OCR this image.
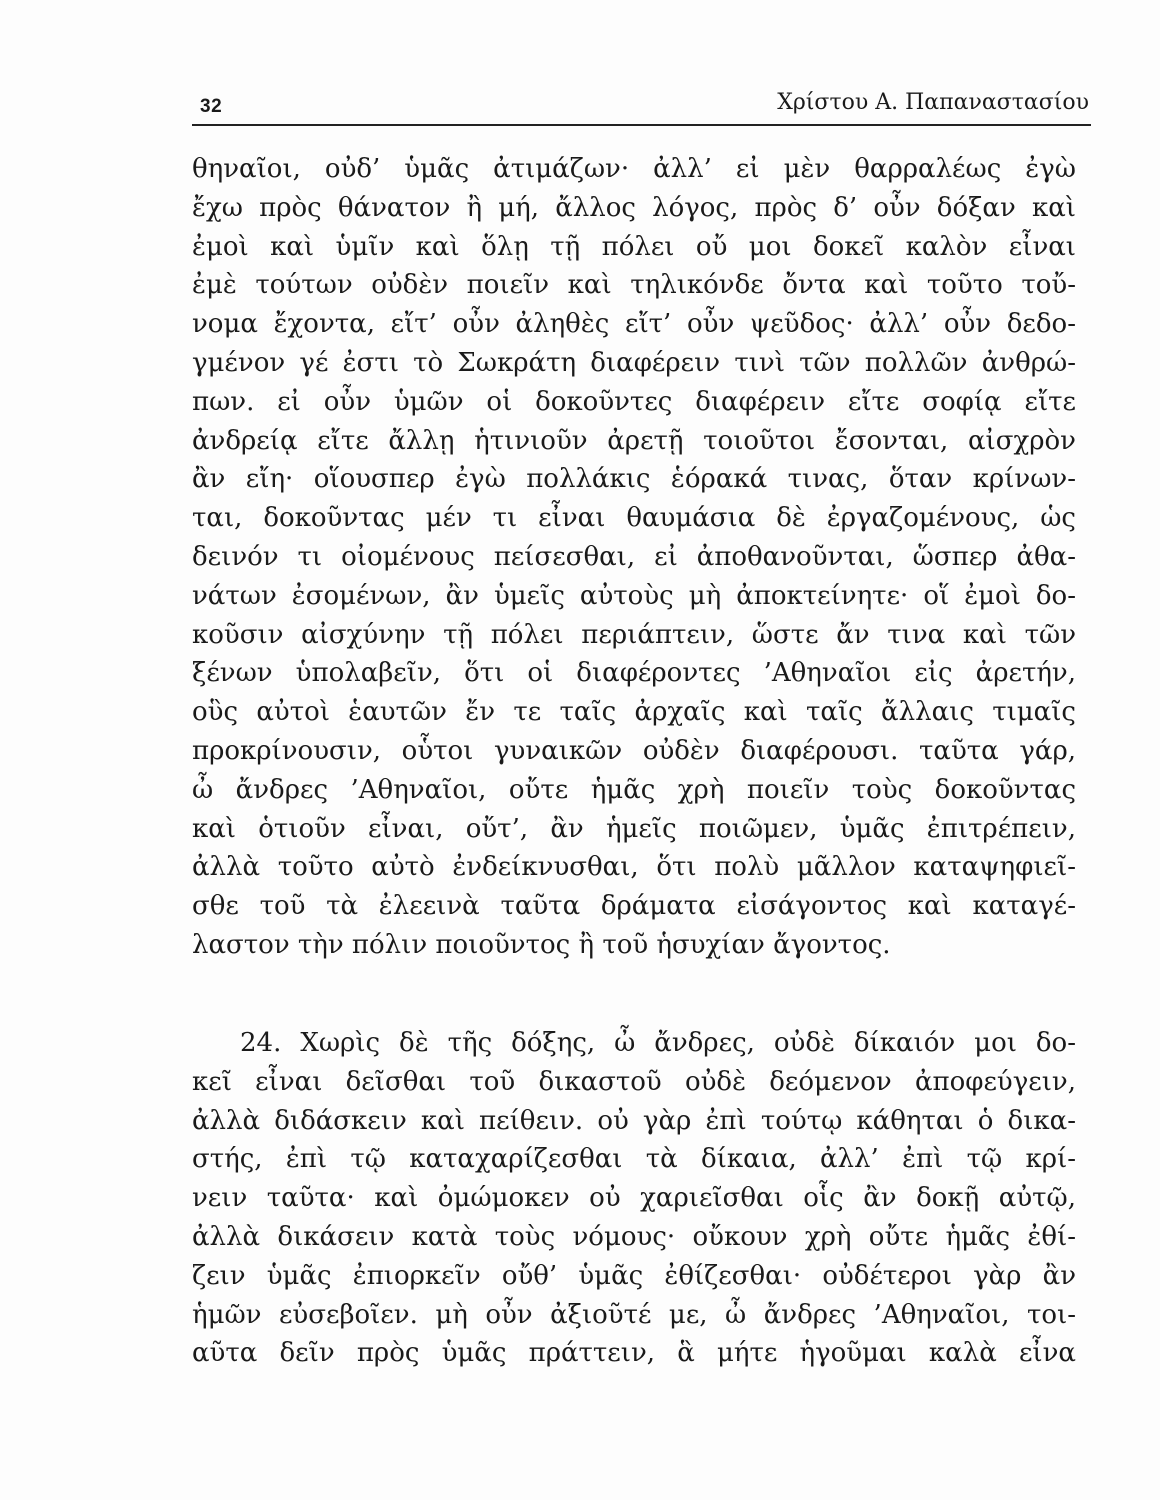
32	Χρίστου Α. Παπαναστασίου
θηναῖοι, οὐδ’ ὑμᾶς ἀτιμάζων· ἀλλ’ εἰ μὲν θαρραλέως ἐγὼ
ἔχω πρὸς θάνατον ἢ μή, ἄλλος λόγος, πρὸς δ’ οὖν δόξαν καὶ
ἐμοὶ καὶ ὑμῖν καὶ ὅλῃ τῇ πόλει οὔ μοι δοκεῖ καλὸν εἶναι
ἐμὲ τούτων οὐδὲν ποιεῖν καὶ τηλικόνδε ὄντα καὶ τοῦτο τοὔ-
νομα ἔχοντα, εἴτ’ οὖν ἀληθὲς εἴτ’ οὖν ψεῦδος· ἀλλ’ οὖν δεδο-
γμένον γέ ἐστι τὸ Σωκράτη διαφέρειν τινὶ τῶν πολλῶν ἀνθρώ-
πων. εἰ οὖν ὑμῶν οἱ δοκοῦντες διαφέρειν εἴτε σοφίᾳ εἴτε
ἀνδρείᾳ εἴτε ἄλλῃ ἡτινιοῦν ἀρετῇ τοιοῦτοι ἔσονται, αἰσχρὸν
ἂν εἴη· οἵουσπερ ἐγὼ πολλάκις ἑόρακά τινας, ὅταν κρίνων-
ται, δοκοῦντας μέν τι εἶναι θαυμάσια δὲ ἐργαζομένους, ὡς
δεινόν τι οἰομένους πείσεσθαι, εἰ ἀποθανοῦνται, ὥσπερ ἀθα-
νάτων ἐσομένων, ἂν ὑμεῖς αὐτοὺς μὴ ἀποκτείνητε· οἵ ἐμοὶ δο-
κοῦσιν αἰσχύνην τῇ πόλει περιάπτειν, ὥστε ἄν τινα καὶ τῶν
ξένων ὑπολαβεῖν, ὅτι οἱ διαφέροντες ’Αθηναῖοι εἰς ἀρετήν,
οὓς αὐτοὶ ἑαυτῶν ἔν τε ταῖς ἀρχαῖς καὶ ταῖς ἄλλαις τιμαῖς
προκρίνουσιν, οὗτοι γυναικῶν οὐδὲν διαφέρουσι. ταῦτα γάρ,
ὦ ἄνδρες ’Αθηναῖοι, οὔτε ἡμᾶς χρὴ ποιεῖν τοὺς δοκοῦντας
καὶ ὁτιοῦν εἶναι, οὔτ’, ἂν ἡμεῖς ποιῶμεν, ὑμᾶς ἐπιτρέπειν,
ἀλλὰ τοῦτο αὐτὸ ἐνδείκνυσθαι, ὅτι πολὺ μᾶλλον καταψηφιεῖ-
σθε τοῦ τὰ ἐλεεινὰ ταῦτα δράματα εἰσάγοντος καὶ καταγέ-
λαστον τὴν πόλιν ποιοῦντος ἢ τοῦ ἡσυχίαν ἄγοντος.
24. Χωρὶς δὲ τῆς δόξης, ὦ ἄνδρες, οὐδὲ δίκαιόν μοι δο-
κεῖ εἶναι δεῖσθαι τοῦ δικαστοῦ οὐδὲ δεόμενον ἀποφεύγειν,
ἀλλὰ διδάσκειν καὶ πείθειν. οὐ γὰρ ἐπὶ τούτῳ κάθηται ὁ δικα-
στής, ἐπὶ τῷ καταχαρίζεσθαι τὰ δίκαια, ἀλλ’ ἐπὶ τῷ κρί-
νειν ταῦτα· καὶ ὀμώμοκεν οὐ χαριεῖσθαι οἷς ἂν δοκῇ αὐτῷ,
ἀλλὰ δικάσειν κατὰ τοὺς νόμους· οὔκουν χρὴ οὔτε ἡμᾶς ἐθί-
ζειν ὑμᾶς ἐπιορκεῖν οὔθ’ ὑμᾶς ἐθίζεσθαι· οὐδέτεροι γὰρ ἂν
ἡμῶν εὐσεβοῖεν. μὴ οὖν ἀξιοῦτέ με, ὦ ἄνδρες ’Αθηναῖοι, τοι-
αῦτα δεῖν πρὸς ὑμᾶς πράττειν, ἃ μήτε ἡγοῦμαι καλὰ εἶνα
